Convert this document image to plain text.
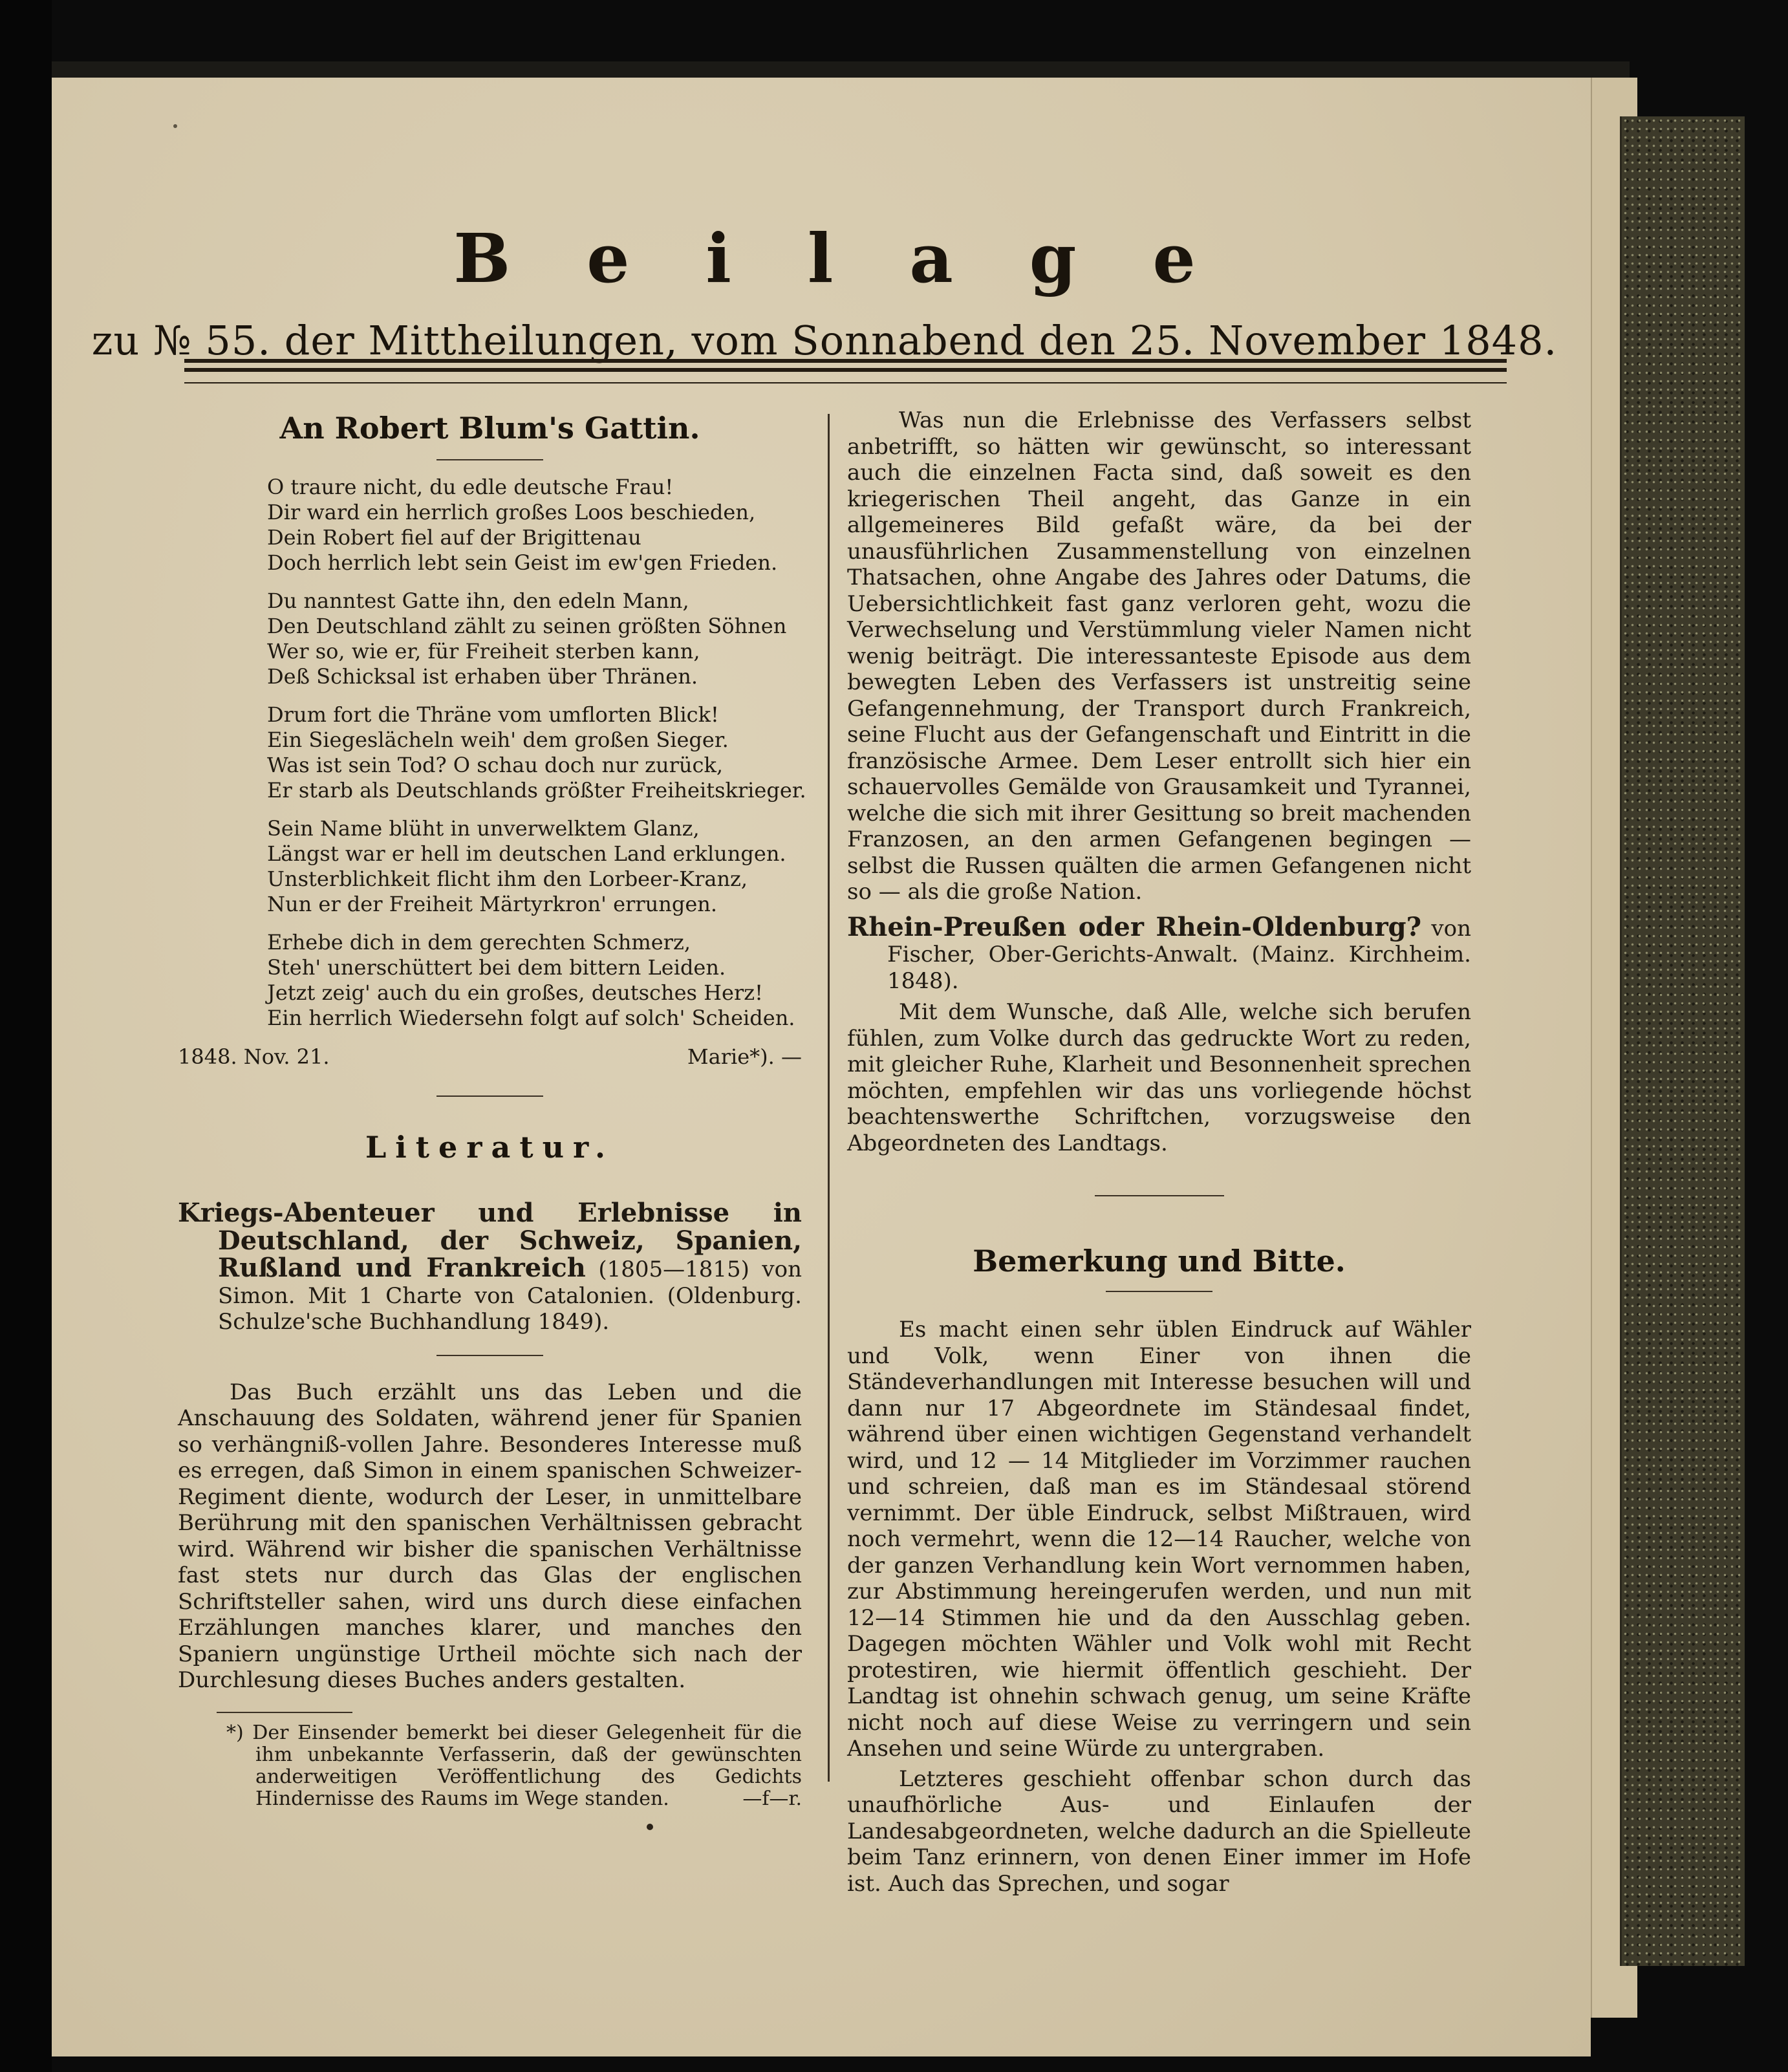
Beilage
zu № 55. der Mittheilungen, vom Sonnabend den 25. November 1848.
An Robert Blum's Gattin.
O traure nicht, du edle deutsche Frau!
Dir ward ein herrlich großes Loos beschieden,
Dein Robert fiel auf der Brigittenau
Doch herrlich lebt sein Geist im ew'gen Frieden.
Du nanntest Gatte ihn, den edeln Mann,
Den Deutschland zählt zu seinen größten Söhnen
Wer so, wie er, für Freiheit sterben kann,
Deß Schicksal ist erhaben über Thränen.
Drum fort die Thräne vom umflorten Blick!
Ein Siegeslächeln weih' dem großen Sieger.
Was ist sein Tod? O schau doch nur zurück,
Er starb als Deutschlands größter Freiheitskrieger.
Sein Name blüht in unverwelktem Glanz,
Längst war er hell im deutschen Land erklungen.
Unsterblichkeit flicht ihm den Lorbeer-Kranz,
Nun er der Freiheit Märtyrkron' errungen.
Erhebe dich in dem gerechten Schmerz,
Steh' unerschüttert bei dem bittern Leiden.
Jetzt zeig' auch du ein großes, deutsches Herz!
Ein herrlich Wiedersehn folgt auf solch' Scheiden.
1848. Nov. 21.	Marie*). —
Literatur.
Kriegs-Abenteuer und Erlebnisse in Deutschland, der Schweiz, Spanien, Rußland und Frankreich (1805—1815) von Simon. Mit 1 Charte von Catalonien. (Oldenburg. Schulze'sche Buchhandlung 1849).

Das Buch erzählt uns das Leben und die Anschauung des Soldaten, während jener für Spanien so verhängniß-vollen Jahre. Besonderes Interesse muß es erregen, daß Simon in einem spanischen Schweizer-Regiment diente, wodurch der Leser, in unmittelbare Berührung mit den spanischen Verhältnissen gebracht wird. Während wir bisher die spanischen Verhältnisse fast stets nur durch das Glas der englischen Schriftsteller sahen, wird uns durch diese einfachen Erzählungen manches klarer, und manches den Spaniern ungünstige Urtheil möchte sich nach der Durchlesung dieses Buches anders gestalten.

*) Der Einsender bemerkt bei dieser Gelegenheit für die ihm unbekannte Verfasserin, daß der gewünschten anderweitigen Veröffentlichung des Gedichts Hindernisse des Raums im Wege standen.	—f—r.

Was nun die Erlebnisse des Verfassers selbst anbetrifft, so hätten wir gewünscht, so interessant auch die einzelnen Facta sind, daß soweit es den kriegerischen Theil angeht, das Ganze in ein allgemeineres Bild gefaßt wäre, da bei der unausführlichen Zusammenstellung von einzelnen Thatsachen, ohne Angabe des Jahres oder Datums, die Uebersichtlichkeit fast ganz verloren geht, wozu die Verwechselung und Verstümmlung vieler Namen nicht wenig beiträgt. Die interessanteste Episode aus dem bewegten Leben des Verfassers ist unstreitig seine Gefangennehmung, der Transport durch Frankreich, seine Flucht aus der Gefangenschaft und Eintritt in die französische Armee. Dem Leser entrollt sich hier ein schauervolles Gemälde von Grausamkeit und Tyrannei, welche die sich mit ihrer Gesittung so breit machenden Franzosen, an den armen Gefangenen begingen — selbst die Russen quälten die armen Gefangenen nicht so — als die große Nation.

Rhein-Preußen oder Rhein-Oldenburg? von Fischer, Ober-Gerichts-Anwalt. (Mainz. Kirchheim. 1848).

Mit dem Wunsche, daß Alle, welche sich berufen fühlen, zum Volke durch das gedruckte Wort zu reden, mit gleicher Ruhe, Klarheit und Besonnenheit sprechen möchten, empfehlen wir das uns vorliegende höchst beachtenswerthe Schriftchen, vorzugsweise den Abgeordneten des Landtags.

Bemerkung und Bitte.

Es macht einen sehr üblen Eindruck auf Wähler und Volk, wenn Einer von ihnen die Ständeverhandlungen mit Interesse besuchen will und dann nur 17 Abgeordnete im Ständesaal findet, während über einen wichtigen Gegenstand verhandelt wird, und 12 — 14 Mitglieder im Vorzimmer rauchen und schreien, daß man es im Ständesaal störend vernimmt. Der üble Eindruck, selbst Mißtrauen, wird noch vermehrt, wenn die 12—14 Raucher, welche von der ganzen Verhandlung kein Wort vernommen haben, zur Abstimmung hereingerufen werden, und nun mit 12—14 Stimmen hie und da den Ausschlag geben. Dagegen möchten Wähler und Volk wohl mit Recht protestiren, wie hiermit öffentlich geschieht. Der Landtag ist ohnehin schwach genug, um seine Kräfte nicht noch auf diese Weise zu verringern und sein Ansehen und seine Würde zu untergraben.

Letzteres geschieht offenbar schon durch das unaufhörliche Aus- und Einlaufen der Landesabgeordneten, welche dadurch an die Spielleute beim Tanz erinnern, von denen Einer immer im Hofe ist. Auch das Sprechen, und sogar
